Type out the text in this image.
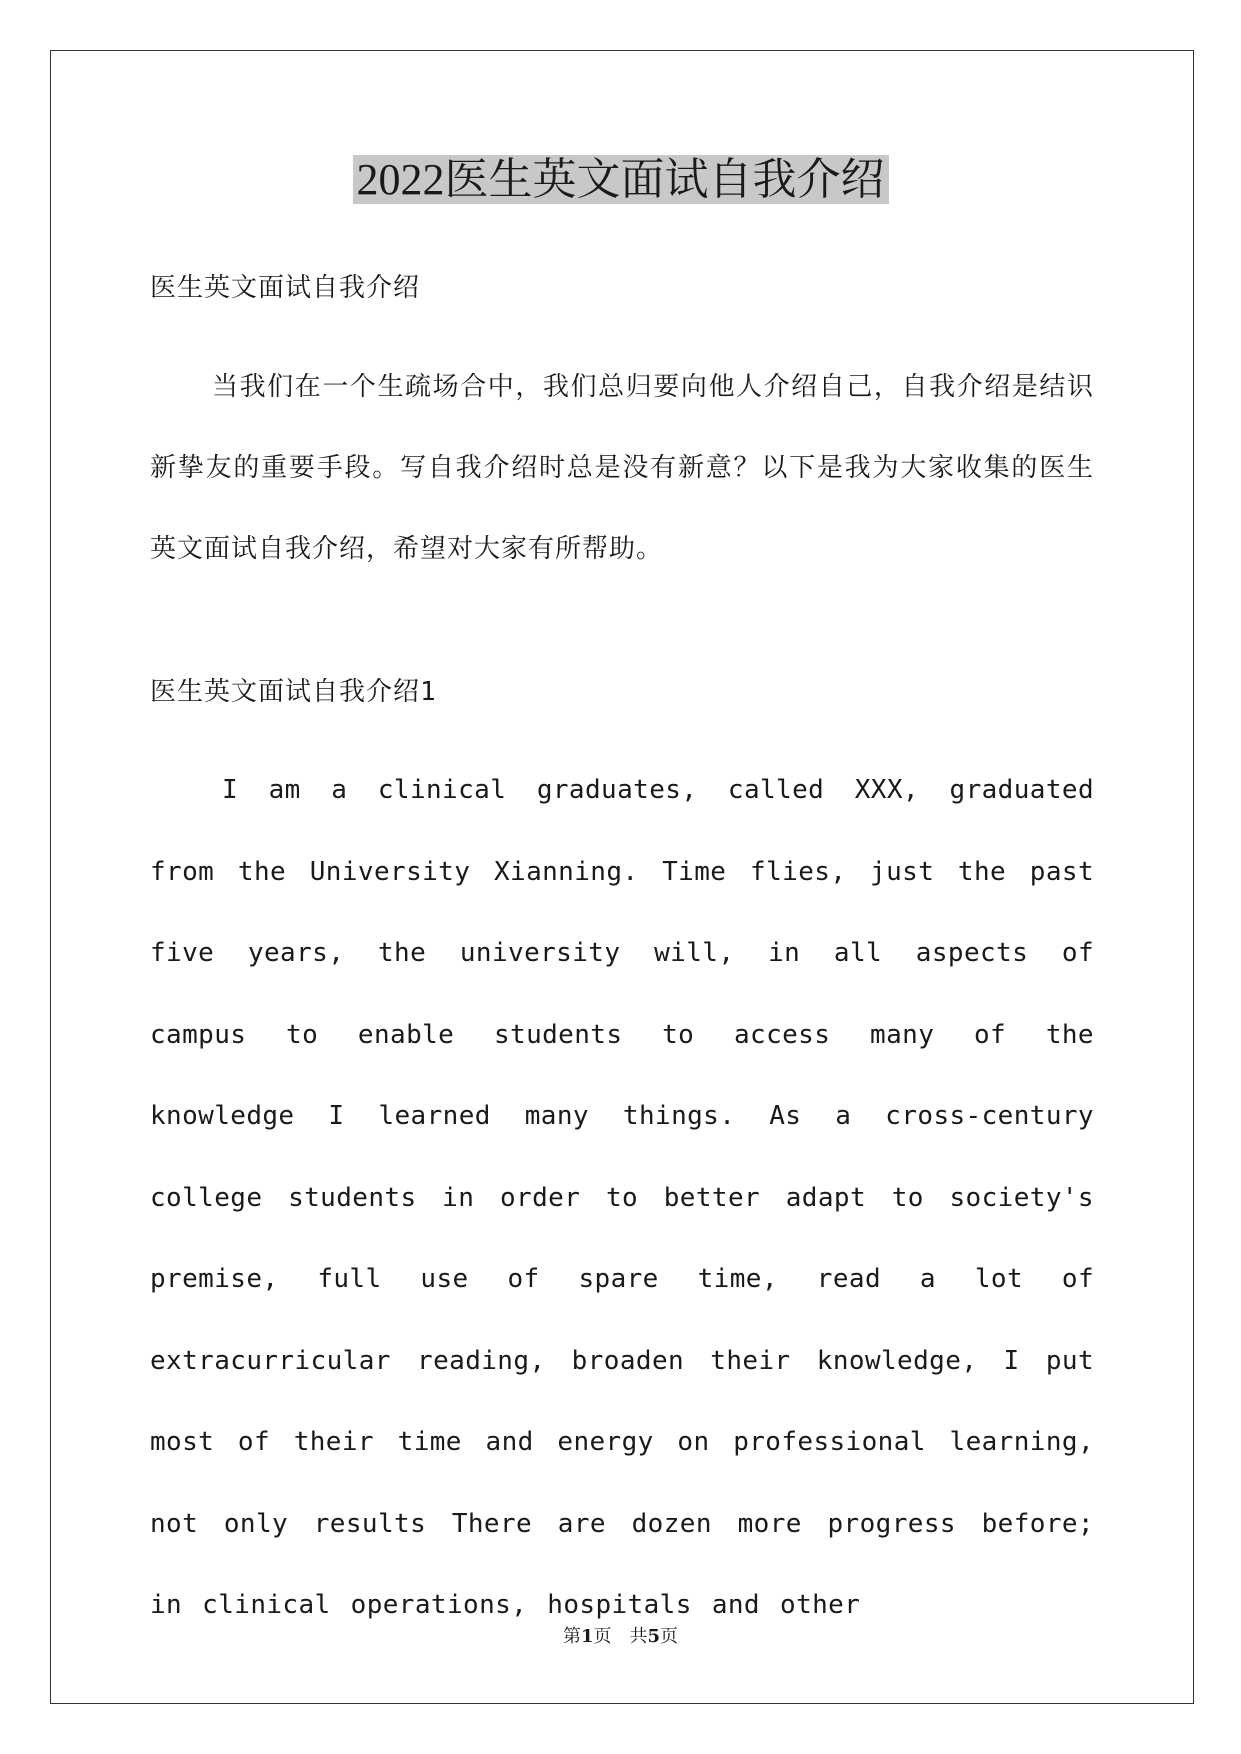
2022医生英文面试自我介绍
医生英文面试自我介绍
当我们在一个生疏场合中，我们总归要向他人介绍自己，自我介绍是结识新挚友的重要手段。写自我介绍时总是没有新意？以下是我为大家收集的医生英文面试自我介绍，希望对大家有所帮助。
医生英文面试自我介绍1
I am a clinical graduates, called XXX, graduated from the University Xianning. Time flies, just the past five years, the university will, in all aspects of campus to enable students to access many of the knowledge I learned many things. As a cross-century college students in order to better adapt to society's premise, full use of spare time, read a lot of extracurricular reading, broaden their knowledge, I put most of their time and energy on professional learning, not only results There are dozen more progress before; in clinical operations, hospitals and other
第1页　共5页
